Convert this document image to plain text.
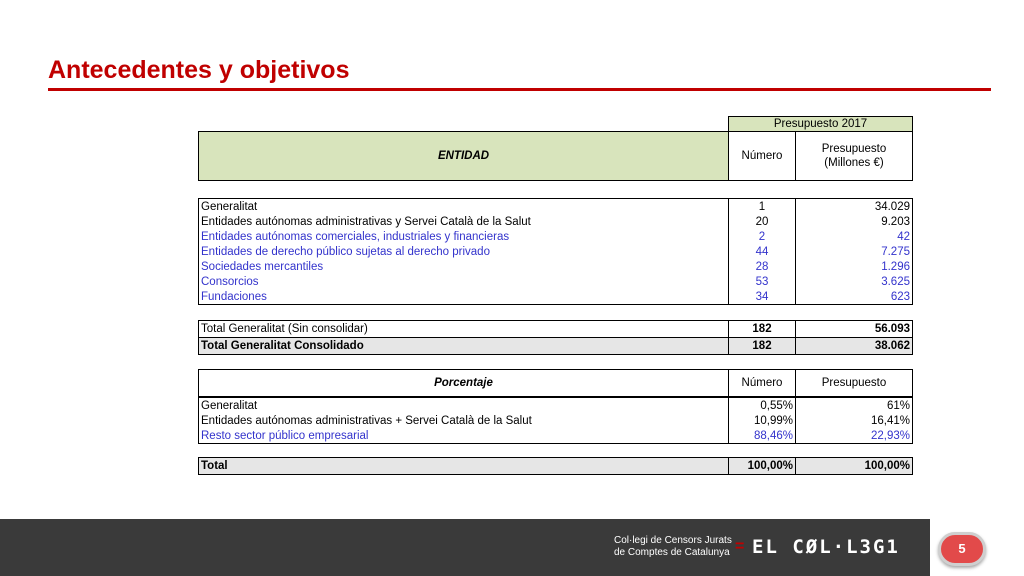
Antecedentes y objetivos
	Presupuesto 2017	
ENTIDAD	Número	Presupuesto (Millones €)
Generalitat	1	34.029
Entidades autónomas administrativas y Servei Català de la Salut	20	9.203
Entidades autónomas comerciales, industriales y financieras	2	42
Entidades de derecho público sujetas al derecho privado	44	7.275
Sociedades mercantiles	28	1.296
Consorcios	53	3.625
Fundaciones	34	623
Total Generalitat (Sin consolidar)	182	56.093
Total Generalitat Consolidado	182	38.062
Porcentaje	Número	Presupuesto
Generalitat	0,55%	61%
Entidades autónomas administrativas + Servei Català de la Salut	10,99%	16,41%
Resto sector público empresarial	88,46%	22,93%
Total	100,00%	100,00%
Col·legi de Censors Jurats
de Comptes de Catalunya = EL CØL·L3G1	5
